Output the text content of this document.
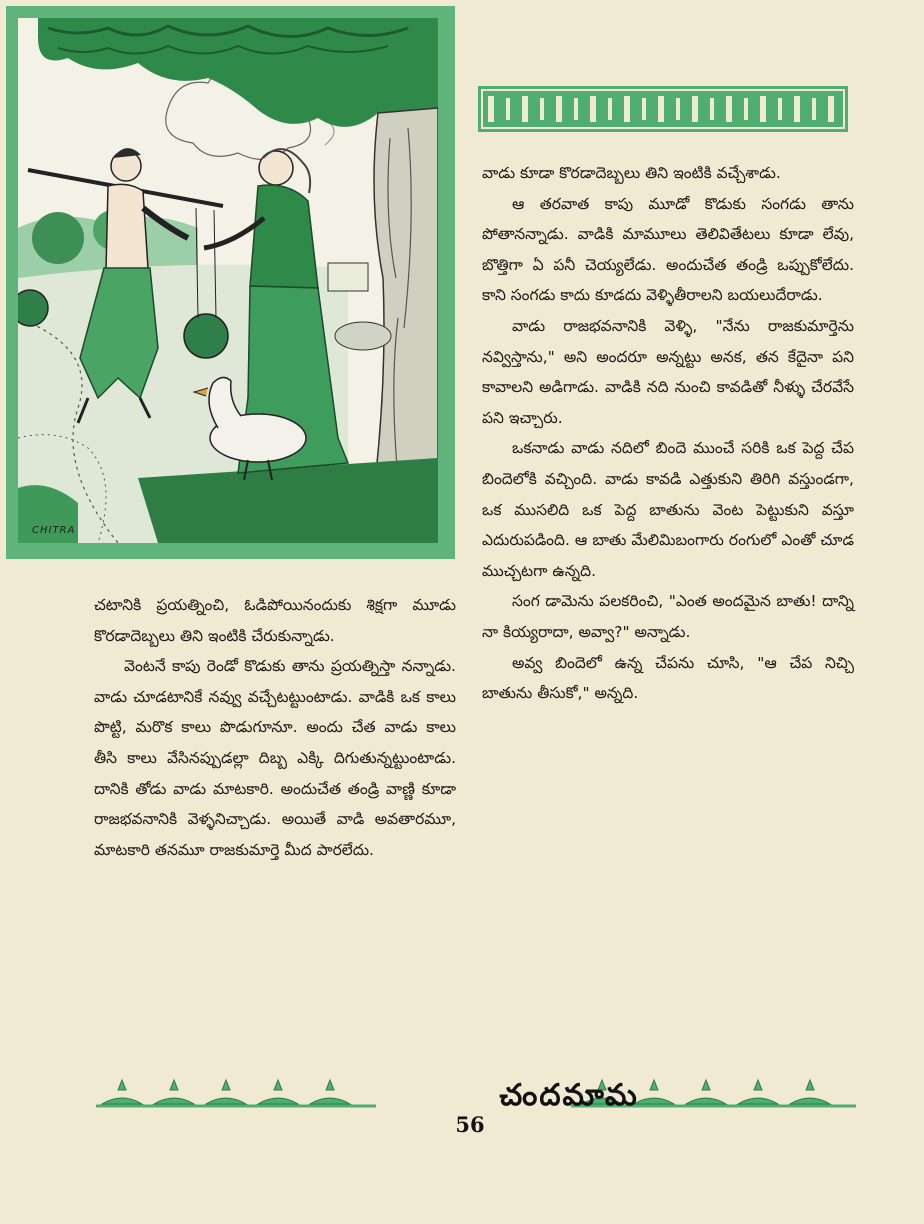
CHITRA

చటానికి ప్రయత్నించి, ఓడిపోయినందుకు శిక్షగా మూడు కొరడాదెబ్బలు తిని ఇంటికి చేరుకున్నాడు.

వెంటనే కాపు రెండో కొడుకు తాను ప్రయత్నిస్తా నన్నాడు. వాడు చూడటానికే నవ్వు వచ్చేటట్టుంటాడు. వాడికి ఒక కాలు పొట్టి, మరొక కాలు పొడుగూనూ. అందు చేత వాడు కాలు తీసి కాలు వేసినప్పుడల్లా దిబ్బ ఎక్కి దిగుతున్నట్టుంటాడు. దానికి తోడు వాడు మాటకారి. అందుచేత తండ్రి వాణ్ణి కూడా రాజభవనానికి వెళ్ళనిచ్చాడు. అయితే వాడి అవతారమూ, మాటకారి తనమూ రాజకుమార్తె మీద పారలేదు.

వాడు కూడా కొరడాదెబ్బలు తిని ఇంటికి వచ్చేశాడు.

ఆ తరవాత కాపు మూడో కొడుకు సంగడు తాను పోతానన్నాడు. వాడికి మామూలు తెలివితేటలు కూడా లేవు, బొత్తిగా ఏ పనీ చెయ్యలేడు. అందుచేత తండ్రి ఒప్పుకోలేదు. కాని సంగడు కాదు కూడదు వెళ్ళితీరాలని బయలుదేరాడు.

వాడు రాజభవనానికి వెళ్ళి, "నేను రాజకుమార్తెను నవ్విస్తాను," అని అందరూ అన్నట్టు అనక, తన కేదైనా పని కావాలని అడిగాడు. వాడికి నది నుంచి కావడితో నీళ్ళు చేరవేసే పని ఇచ్చారు.

ఒకనాడు వాడు నదిలో బిందె ముంచే సరికి ఒక పెద్ద చేప బిందెలోకి వచ్చింది. వాడు కావడి ఎత్తుకుని తిరిగి వస్తుండగా, ఒక ముసలిది ఒక పెద్ద బాతును వెంట పెట్టుకుని వస్తూ ఎదురుపడింది. ఆ బాతు మేలిమిబంగారు రంగులో ఎంతో చూడ ముచ్చటగా ఉన్నది.

సంగ డామెను పలకరించి, "ఎంత అందమైన బాతు! దాన్ని నా కియ్యరాదా, అవ్వా?" అన్నాడు.

అవ్వ బిందెలో ఉన్న చేపను చూసి, "ఆ చేప నిచ్చి బాతును తీసుకో," అన్నది.

చందమామ
56
